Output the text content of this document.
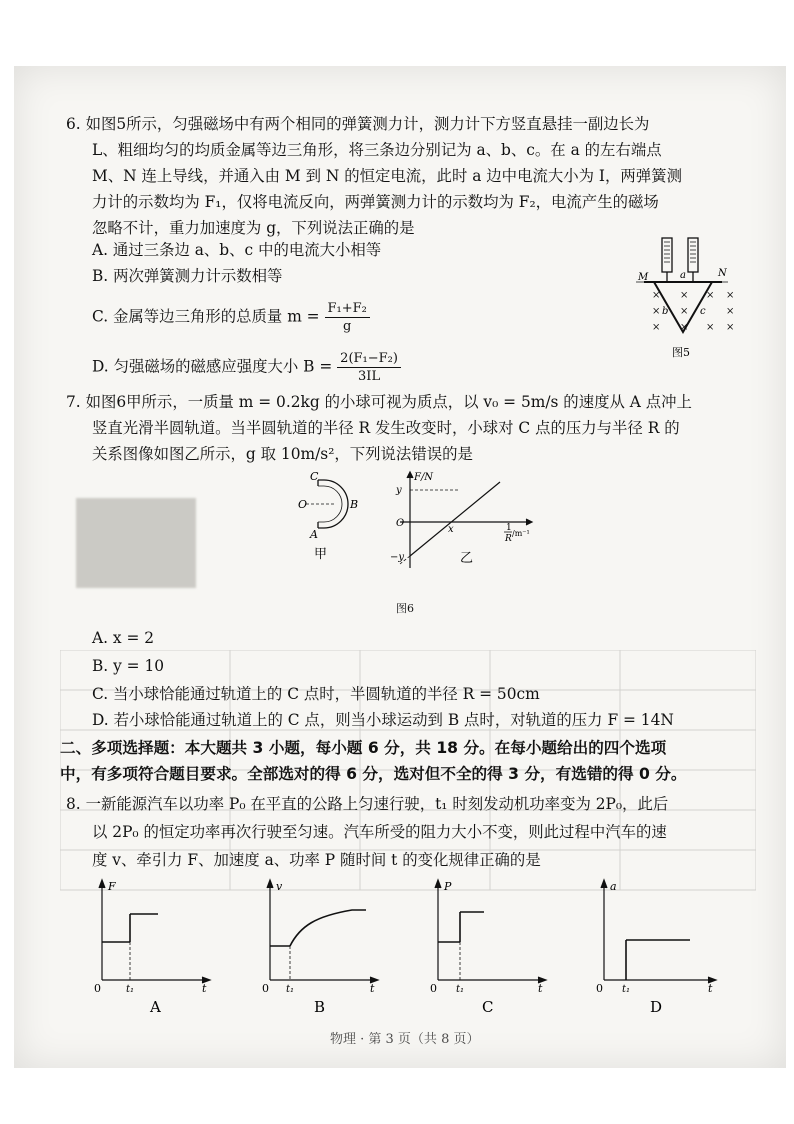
6. 如图5所示，匀强磁场中有两个相同的弹簧测力计，测力计下方竖直悬挂一副边长为
L、粗细均匀的均质金属等边三角形，将三条边分别记为 a、b、c。在 a 的左右端点
M、N 连上导线，并通入由 M 到 N 的恒定电流，此时 a 边中电流大小为 I，两弹簧测
力计的示数均为 F₁，仅将电流反向，两弹簧测力计的示数均为 F₂，电流产生的磁场
忽略不计，重力加速度为 g，下列说法正确的是
A. 通过三条边 a、b、c 中的电流大小相等
B. 两次弹簧测力计示数相等
C. 金属等边三角形的总质量 $m = \frac{\text{F₁+F₂}}{g}$
D. 匀强磁场的磁感应强度大小 $B = \frac{\text{2(F₁−F₂)}}{3IL}$
M	N
a
b	c
× × × ×
× ×	×
× × × ×
图5
7. 如图6甲所示，一质量 m = 0.2kg 的小球可视为质点，以 v₀ = 5m/s 的速度从 A 点冲上
竖直光滑半圆轨道。当半圆轨道的半径 R 发生改变时，小球对 C 点的压力与半径 R 的
关系图像如图乙所示，g 取 10m/s²，下列说法错误的是
C
O	B
A
甲
F/N
y
O
x
−y
1
R
/m⁻¹
乙
图6
A. x = 2
B. y = 10
C. 当小球恰能通过轨道上的 C 点时，半圆轨道的半径 R = 50cm
D. 若小球恰能通过轨道上的 C 点，则当小球运动到 B 点时，对轨道的压力 F = 14N
二、多项选择题：本大题共 3 小题，每小题 6 分，共 18 分。在每小题给出的四个选项
中，有多项符合题目要求。全部选对的得 6 分，选对但不全的得 3 分，有选错的得 0 分。
8. 一新能源汽车以功率 P₀ 在平直的公路上匀速行驶，t₁ 时刻发动机功率变为 2P₀，此后
以 2P₀ 的恒定功率再次行驶至匀速。汽车所受的阻力大小不变，则此过程中汽车的速
度 v、牵引力 F、加速度 a、功率 P 随时间 t 的变化规律正确的是
F
0	t₁	t
A
v
0 t₁	t
B
P
0 t₁	t
C
a
0 t₁	t
D
物理 · 第 3 页（共 8 页）
